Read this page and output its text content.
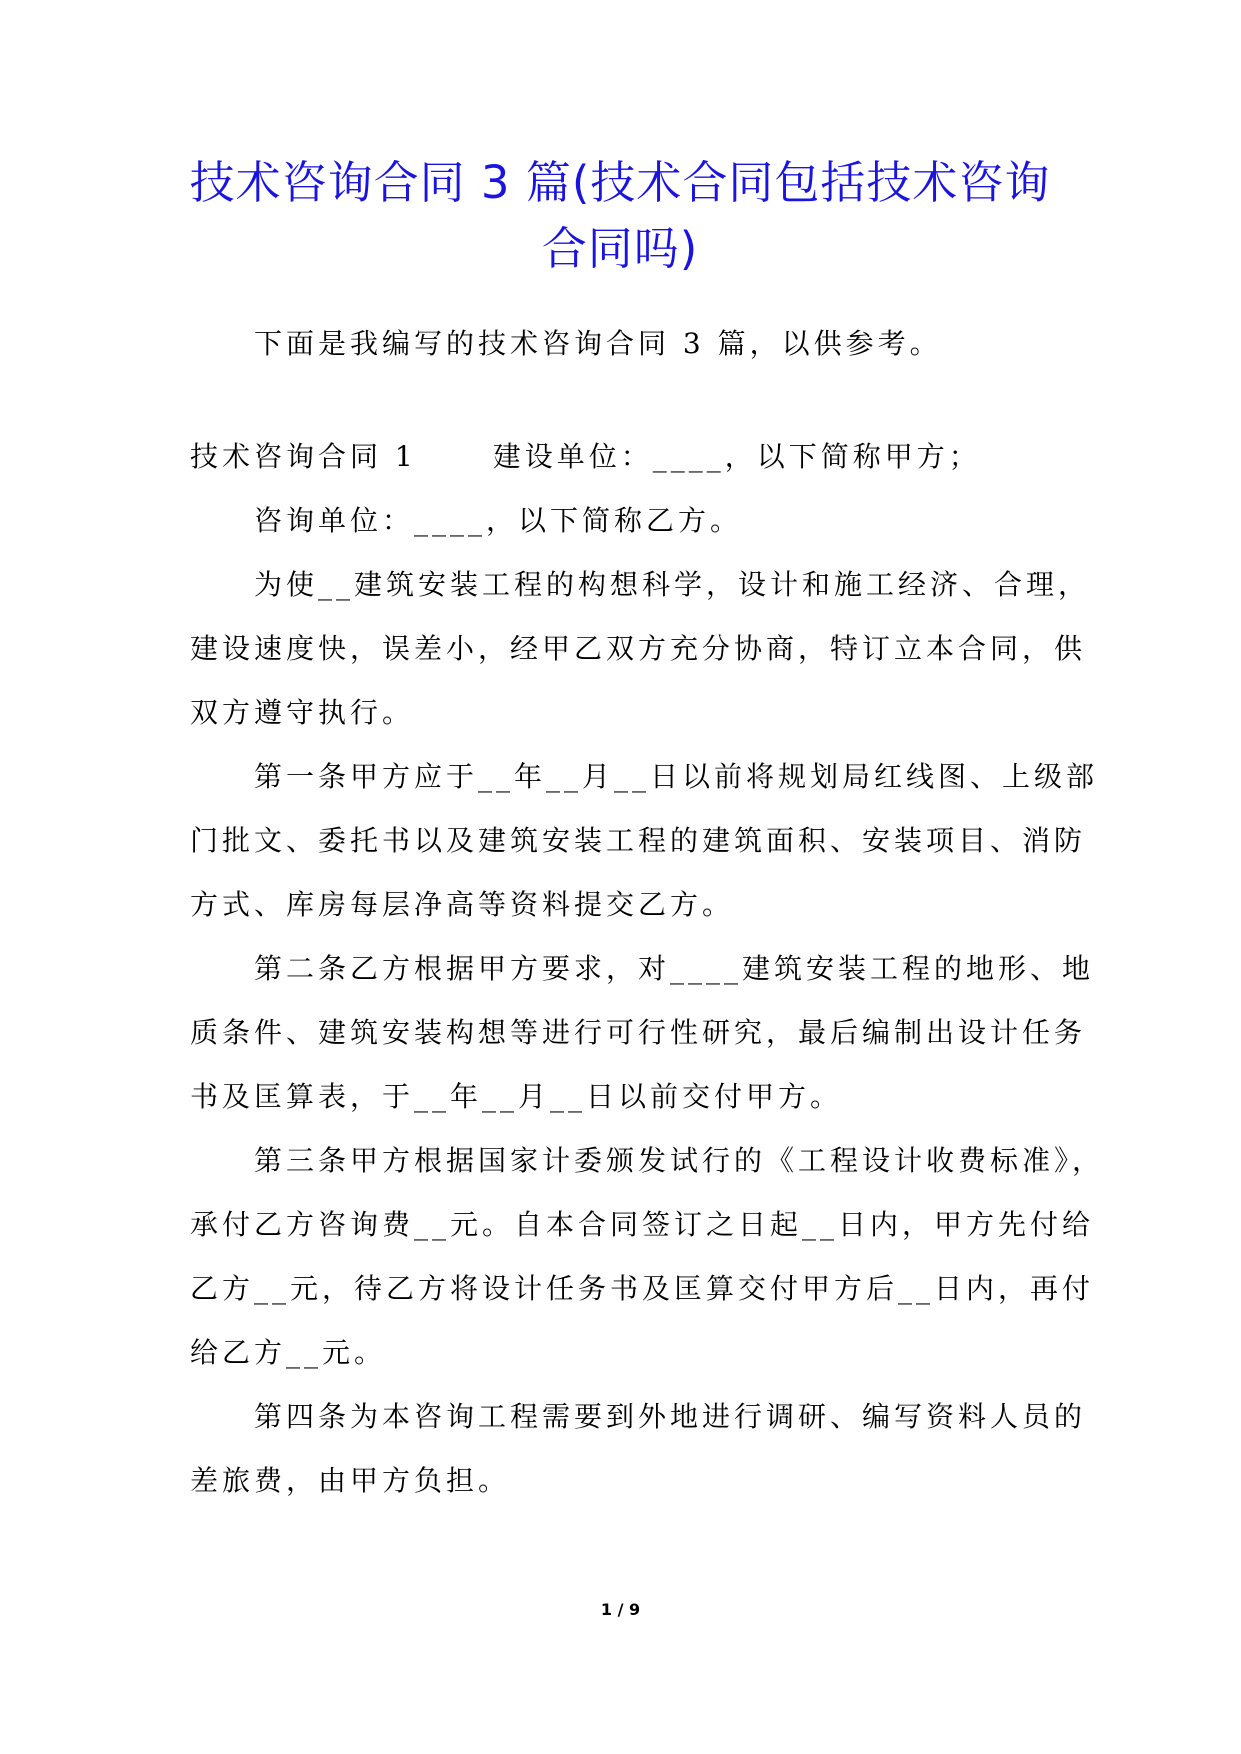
技术咨询合同 3 篇(技术合同包括技术咨询
合同吗)
下面是我编写的技术咨询合同 3 篇，以供参考。
技术咨询合同 1	建设单位：____，以下简称甲方；
咨询单位：____，以下简称乙方。
为使__建筑安装工程的构想科学，设计和施工经济、合理，
建设速度快，误差小，经甲乙双方充分协商，特订立本合同，供
双方遵守执行。
第一条甲方应于__年__月__日以前将规划局红线图、上级部
门批文、委托书以及建筑安装工程的建筑面积、安装项目、消防
方式、库房每层净高等资料提交乙方。
第二条乙方根据甲方要求，对____建筑安装工程的地形、地
质条件、建筑安装构想等进行可行性研究，最后编制出设计任务
书及匡算表，于__年__月__日以前交付甲方。
第三条甲方根据国家计委颁发试行的《工程设计收费标准》，
承付乙方咨询费__元。自本合同签订之日起__日内，甲方先付给
乙方__元，待乙方将设计任务书及匡算交付甲方后__日内，再付
给乙方__元。
第四条为本咨询工程需要到外地进行调研、编写资料人员的
差旅费，由甲方负担。
1 / 9
